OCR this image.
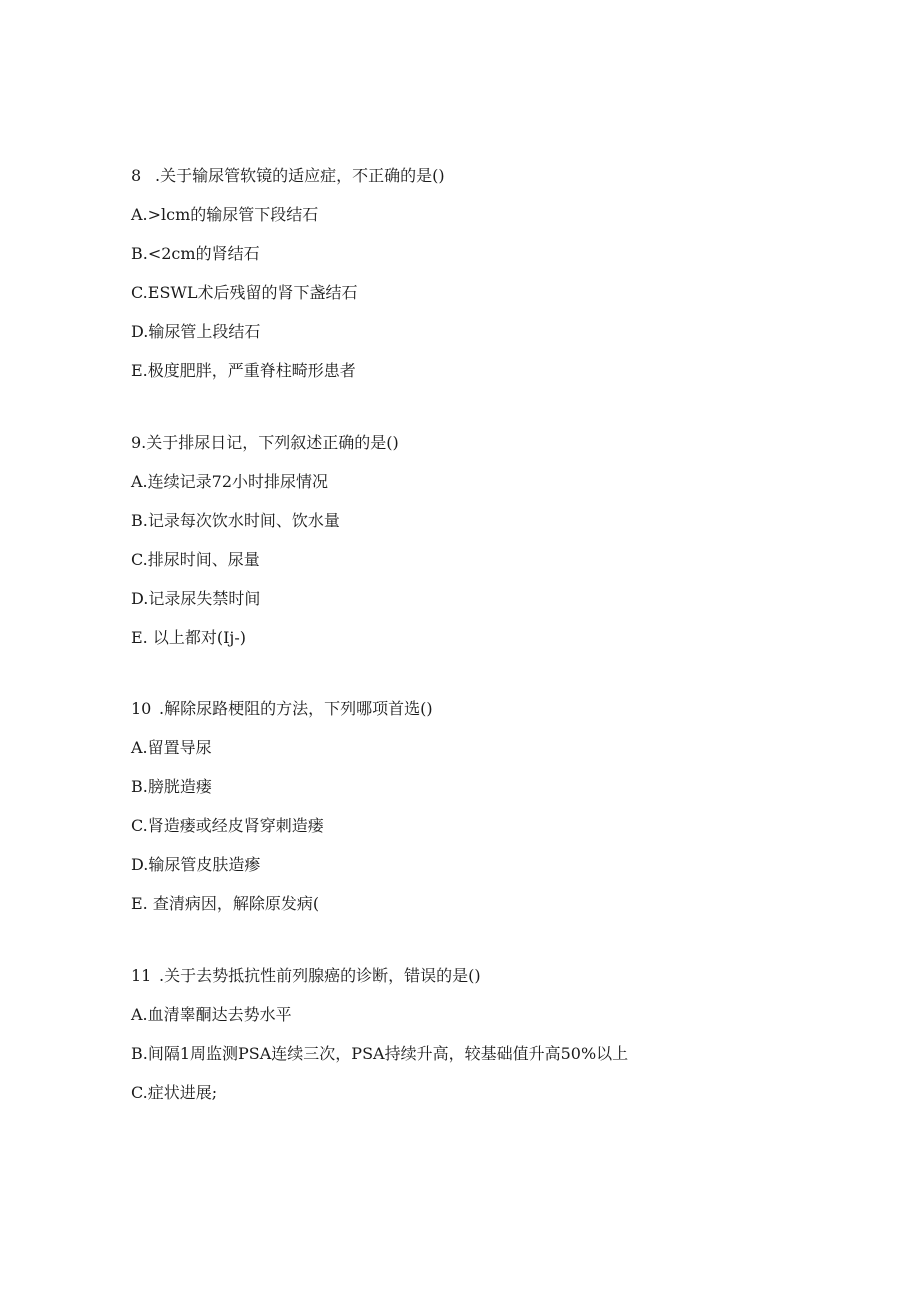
8 .关于输尿管软镜的适应症，不正确的是()
A.>lcm的输尿管下段结石
B.<2cm的肾结石
C.ESWL术后残留的肾下盏结石
D.输尿管上段结石
E.极度肥胖，严重脊柱畸形患者
9.关于排尿日记，下列叙述正确的是()
A.连续记录72小时排尿情况
B.记录每次饮水时间、饮水量
C.排尿时间、尿量
D.记录尿失禁时间
E. 以上都对(Ij-)
10 .解除尿路梗阻的方法，下列哪项首选()
A.留置导尿
B.膀胱造瘘
C.肾造瘘或经皮肾穿刺造瘘
D.输尿管皮肤造瘆
E. 查清病因，解除原发病(
11 .关于去势抵抗性前列腺癌的诊断，错误的是()
A.血清睾酮达去势水平
B.间隔1周监测PSA连续三次，PSA持续升高，较基础值升高50%以上
C.症状进展;
